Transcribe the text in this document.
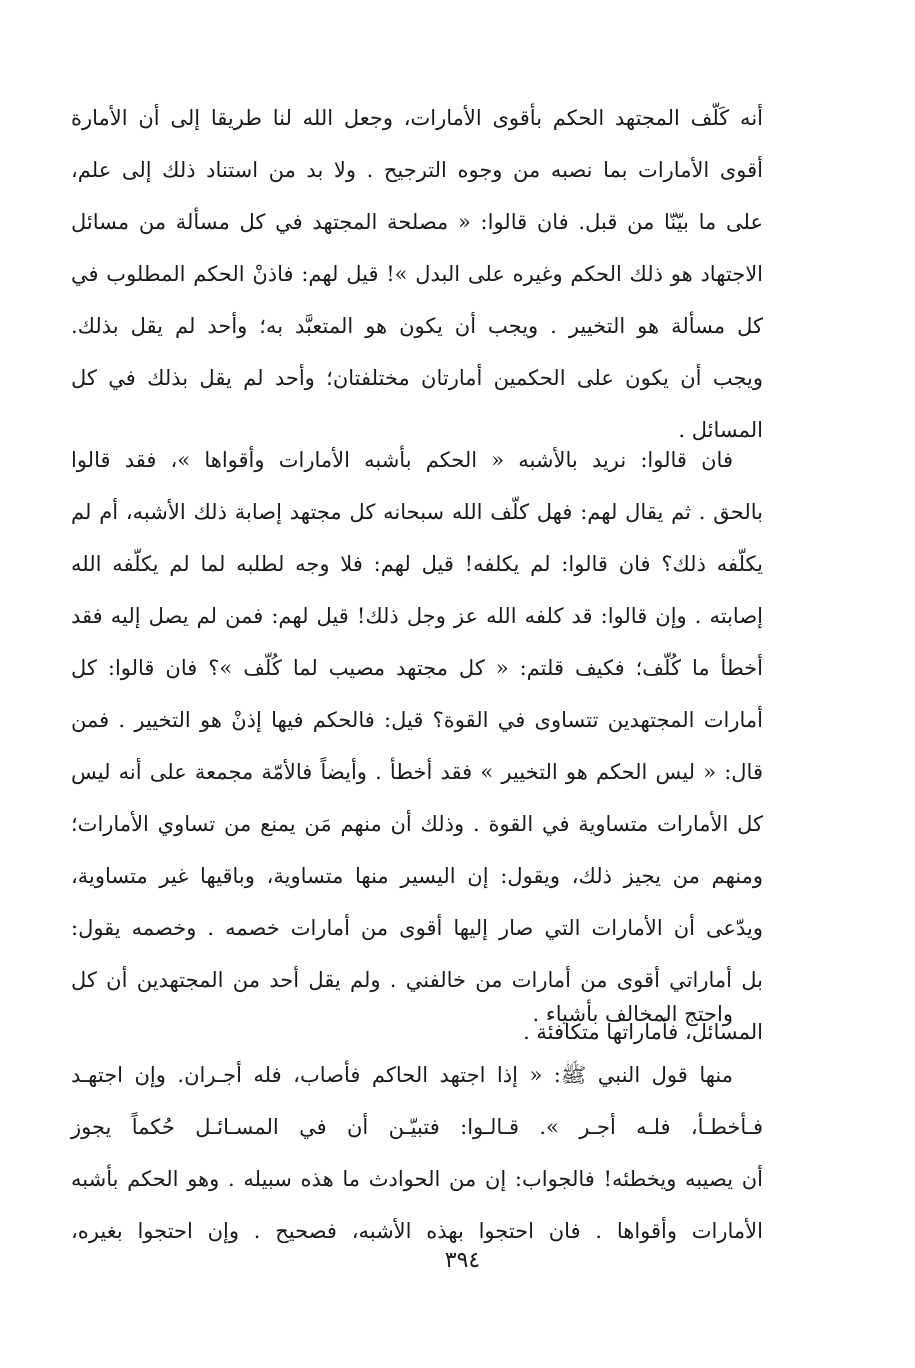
أنه كَلّف المجتهد الحكم بأقوى الأمارات، وجعل الله لنا طريقا إلى أن الأمارة
أقوى الأمارات بما نصبه من وجوه الترجيح . ولا بد من استناد ذلك إلى علم،
على ما بيّنّا من قبل. فان قالوا: « مصلحة المجتهد في كل مسألة من مسائل
الاجتهاد هو ذلك الحكم وغيره على البدل »! قيل لهم: فاذنْ الحكم المطلوب في
كل مسألة هو التخيير . ويجب أن يكون هو المتعبَّد به؛ وأحد لم يقل بذلك.
ويجب أن يكون على الحكمين أمارتان مختلفتان؛ وأحد لم يقل بذلك في كل
المسائل .
فان قالوا: نريد بالأشبه « الحكم بأشبه الأمارات وأقواها »، فقد قالوا
بالحق . ثم يقال لهم: فهل كلّف الله سبحانه كل مجتهد إصابة ذلك الأشبه، أم لم
يكلّفه ذلك؟ فان قالوا: لم يكلفه! قيل لهم: فلا وجه لطلبه لما لم يكلّفه الله
إصابته . وإن قالوا: قد كلفه الله عز وجل ذلك! قيل لهم: فمن لم يصل إليه فقد
أخطأ ما كُلّف؛ فكيف قلتم: « كل مجتهد مصيب لما كُلّف »؟ فان قالوا: كل
أمارات المجتهدين تتساوى في القوة؟ قيل: فالحكم فيها إذنْ هو التخيير . فمن
قال: « ليس الحكم هو التخيير » فقد أخطأ . وأيضاً فالأمّة مجمعة على أنه ليس
كل الأمارات متساوية في القوة . وذلك أن منهم مَن يمنع من تساوي الأمارات؛
ومنهم من يجيز ذلك، ويقول: إن اليسير منها متساوية، وباقيها غير متساوية،
ويدّعى أن الأمارات التي صار إليها أقوى من أمارات خصمه . وخصمه يقول:
بل أماراتي أقوى من أمارات من خالفني . ولم يقل أحد من المجتهدين أن كل
المسائل، فأماراتها متكافئة .
واحتج المخالف بأشياء .
منها قول النبي ﷺ: « إذا اجتهد الحاكم فأصاب، فله أجـران. وإن اجتهـد
فـأخطـأ، فلـه أجـر ». قـالـوا: فتبيّـن أن في المسـائـل حُكماً يجوز
أن يصيبه ويخطئه! فالجواب: إن من الحوادث ما هذه سبيله . وهو الحكم بأشبه
الأمارات وأقواها . فان احتجوا بهذه الأشبه، فصحيح . وإن احتجوا بغيره،
٣٩٤
